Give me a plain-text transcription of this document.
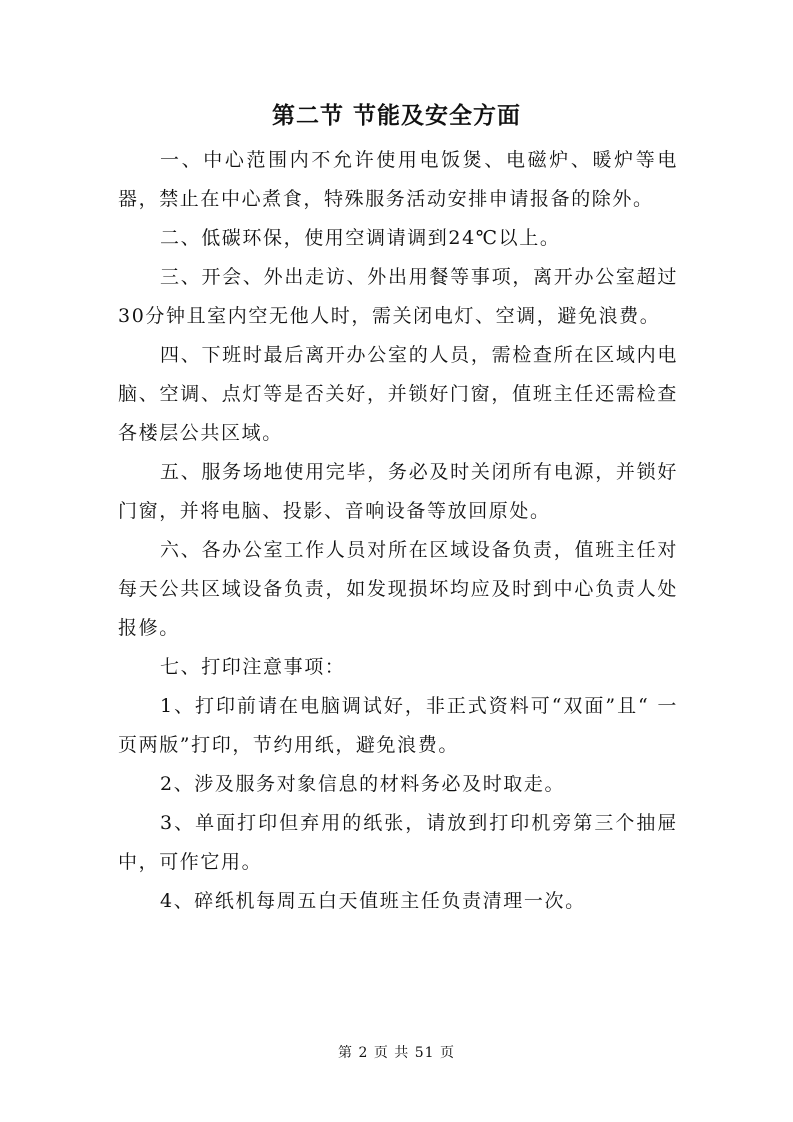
第二节 节能及安全方面

一、中心范围内不允许使用电饭煲、电磁炉、暖炉等电器，禁止在中心煮食，特殊服务活动安排申请报备的除外。

二、低碳环保，使用空调请调到24℃以上。

三、开会、外出走访、外出用餐等事项，离开办公室超过30分钟且室内空无他人时，需关闭电灯、空调，避免浪费。

四、下班时最后离开办公室的人员，需检查所在区域内电脑、空调、点灯等是否关好，并锁好门窗，值班主任还需检查各楼层公共区域。

五、服务场地使用完毕，务必及时关闭所有电源，并锁好门窗，并将电脑、投影、音响设备等放回原处。

六、各办公室工作人员对所在区域设备负责，值班主任对每天公共区域设备负责，如发现损坏均应及时到中心负责人处报修。

七、打印注意事项：

1、打印前请在电脑调试好，非正式资料可“双面”且“ 一页两版”打印，节约用纸，避免浪费。

2、涉及服务对象信息的材料务必及时取走。

3、单面打印但弃用的纸张，请放到打印机旁第三个抽屉中，可作它用。

4、碎纸机每周五白天值班主任负责清理一次。

第 2 页 共 51 页
